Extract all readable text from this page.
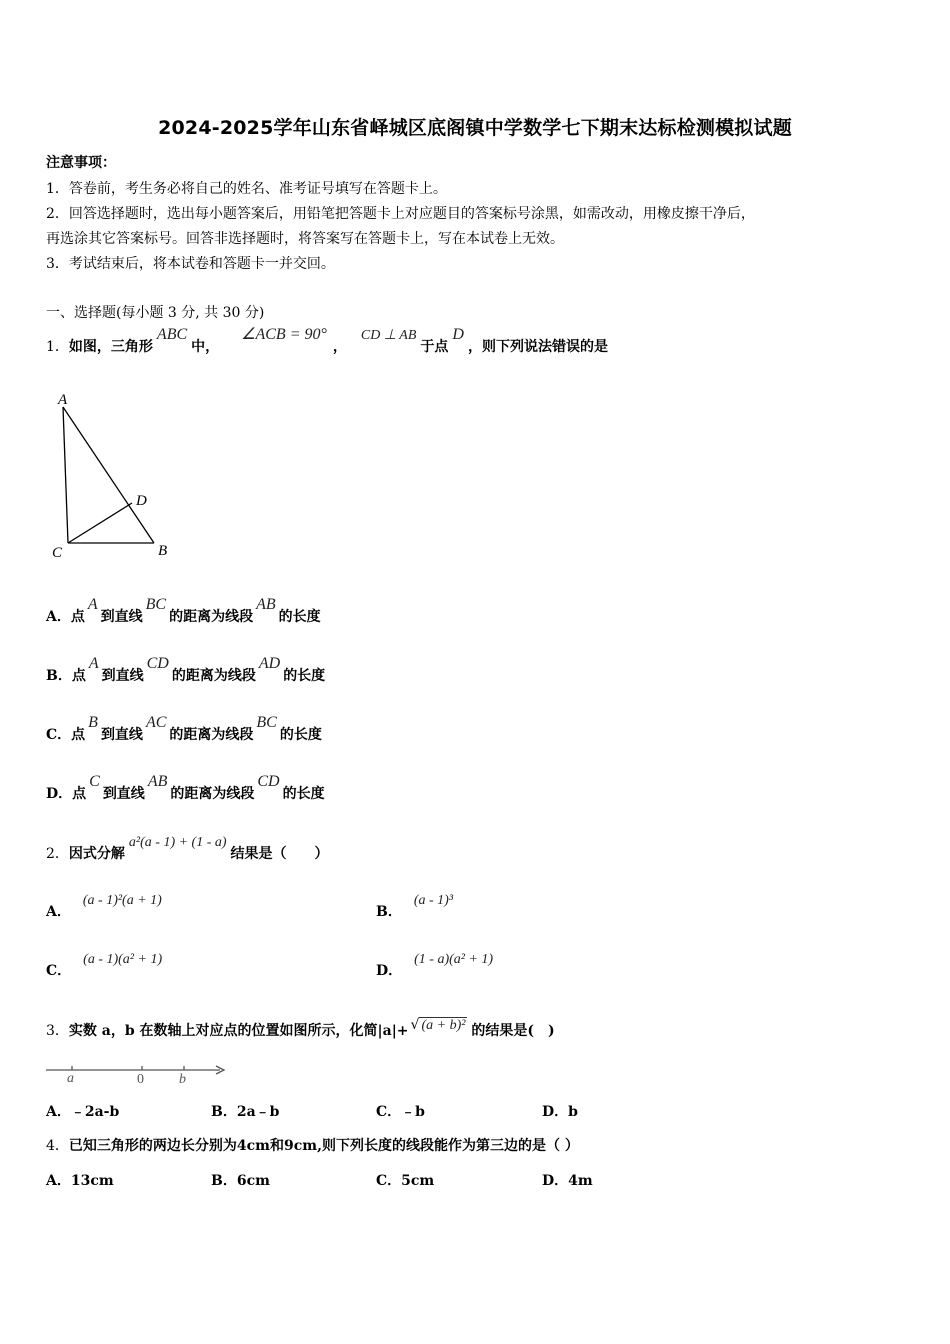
2024-2025学年山东省峄城区底阁镇中学数学七下期末达标检测模拟试题
注意事项：
1．答卷前，考生务必将自己的姓名、准考证号填写在答题卡上。
2．回答选择题时，选出每小题答案后，用铅笔把答题卡上对应题目的答案标号涂黑，如需改动，用橡皮擦干净后，
再选涂其它答案标号。回答非选择题时，将答案写在答题卡上，写在本试卷上无效。
3．考试结束后，将本试卷和答题卡一并交回。
一、选择题(每小题 3 分, 共 30 分)
1．如图，三角形ABC中，∠ACB = 90°，CD ⊥ AB于点D，则下列说法错误的是
A
B
C
D
A．点A到直线BC的距离为线段AB的长度
B．点A到直线CD的距离为线段AD的长度
C．点B到直线AC的距离为线段BC的长度
D．点C到直线AB的距离为线段CD的长度
2．因式分解a²(a - 1) + (1 - a)结果是（　　）
A．(a - 1)²(a + 1)
B．(a - 1)³
C．(a - 1)(a² + 1)
D．(1 - a)(a² + 1)
3．实数 a，b 在数轴上对应点的位置如图所示，化简|a|+ √ (a + b)² 的结果是(　)
a	0	b
A．﹣2a-b	B．2a﹣b	C．﹣b	D．b
4．已知三角形的两边长分别为4cm和9cm,则下列长度的线段能作为第三边的是（ ）
A．13cm	B．6cm	C．5cm	D．4m
